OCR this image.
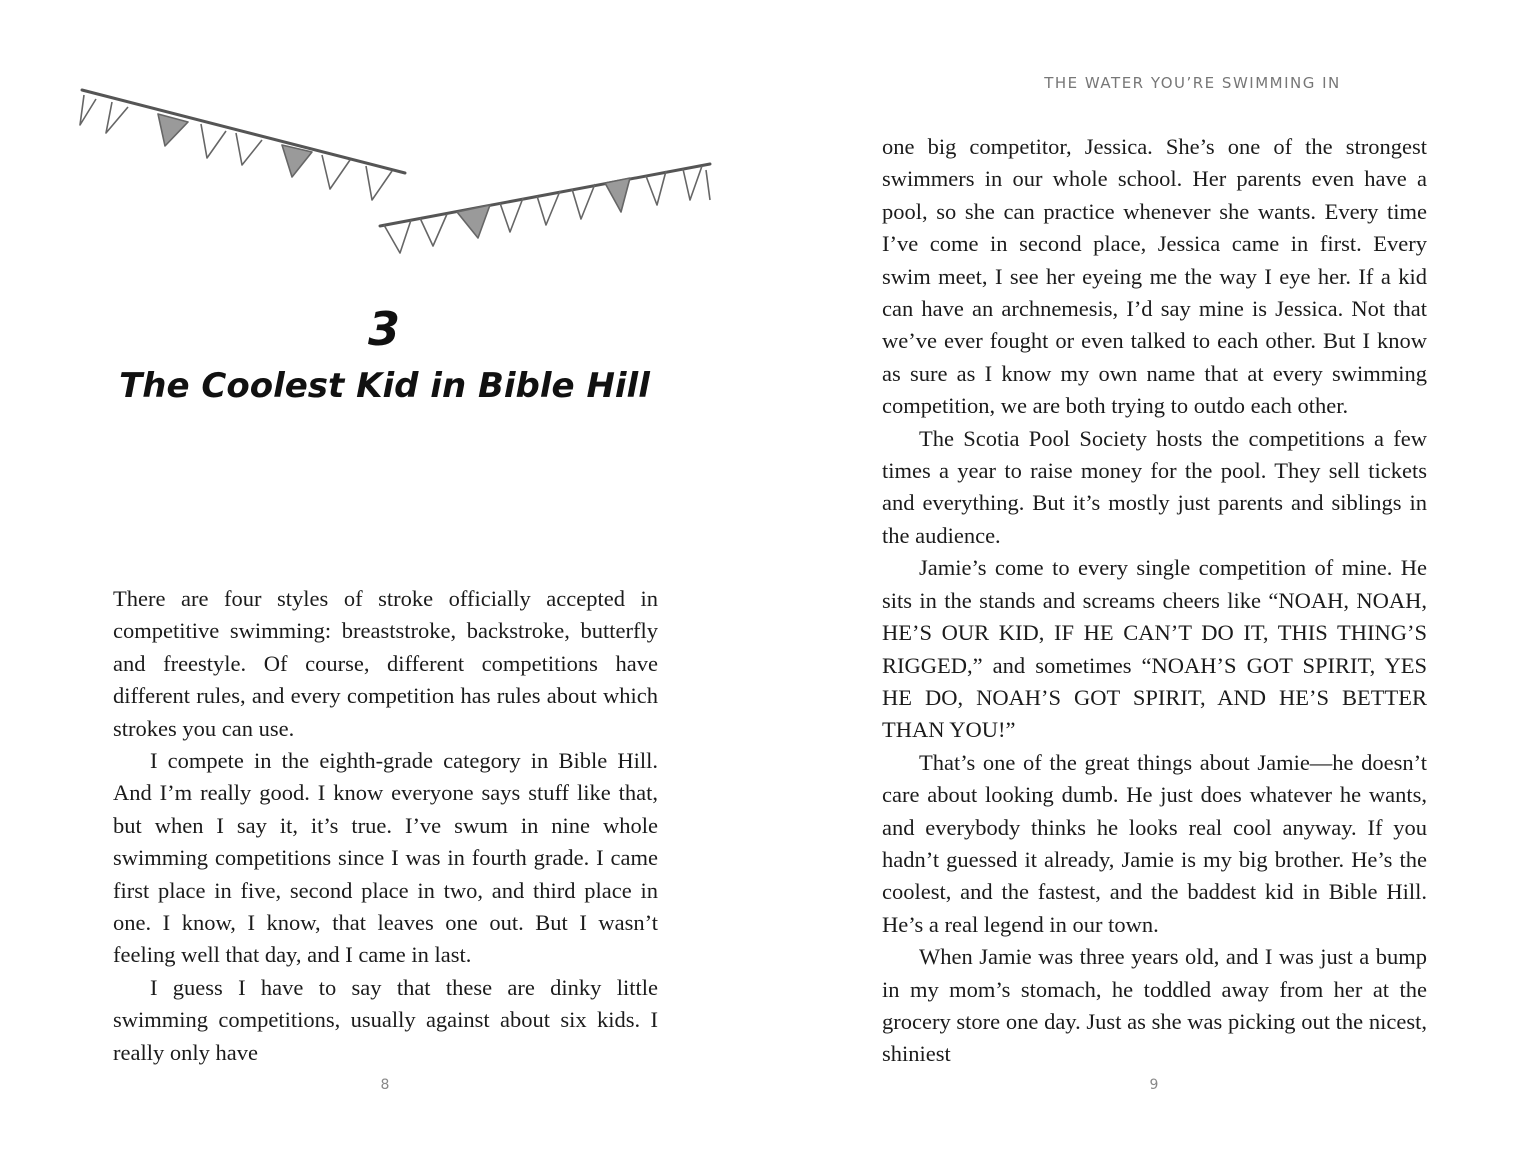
3
The Coolest Kid in Bible Hill

There are four styles of stroke officially accepted in competitive swimming: breaststroke, backstroke, butterfly and freestyle. Of course, different competitions have different rules, and every competition has rules about which strokes you can use.

I compete in the eighth-grade category in Bible Hill. And I’m really good. I know everyone says stuff like that, but when I say it, it’s true. I’ve swum in nine whole swimming competitions since I was in fourth grade. I came first place in five, second place in two, and third place in one. I know, I know, that leaves one out. But I wasn’t feeling well that day, and I came in last.

I guess I have to say that these are dinky little swimming competitions, usually against about six kids. I really only have

8
THE WATER YOU’RE SWIMMING IN

one big competitor, Jessica. She’s one of the strongest swimmers in our whole school. Her parents even have a pool, so she can practice whenever she wants. Every time I’ve come in second place, Jessica came in first. Every swim meet, I see her eyeing me the way I eye her. If a kid can have an archnemesis, I’d say mine is Jessica. Not that we’ve ever fought or even talked to each other. But I know as sure as I know my own name that at every swimming competition, we are both trying to outdo each other.

The Scotia Pool Society hosts the competitions a few times a year to raise money for the pool. They sell tickets and everything. But it’s mostly just parents and siblings in the audience.

Jamie’s come to every single competition of mine. He sits in the stands and screams cheers like “NOAH, NOAH, HE’S OUR KID, IF HE CAN’T DO IT, THIS THING’S RIGGED,” and sometimes “NOAH’S GOT SPIRIT, YES HE DO, NOAH’S GOT SPIRIT, AND HE’S BETTER THAN YOU!”

That’s one of the great things about Jamie—he doesn’t care about looking dumb. He just does whatever he wants, and everybody thinks he looks real cool anyway. If you hadn’t guessed it already, Jamie is my big brother. He’s the coolest, and the fastest, and the baddest kid in Bible Hill. He’s a real legend in our town.

When Jamie was three years old, and I was just a bump in my mom’s stomach, he toddled away from her at the grocery store one day. Just as she was picking out the nicest, shiniest

9
